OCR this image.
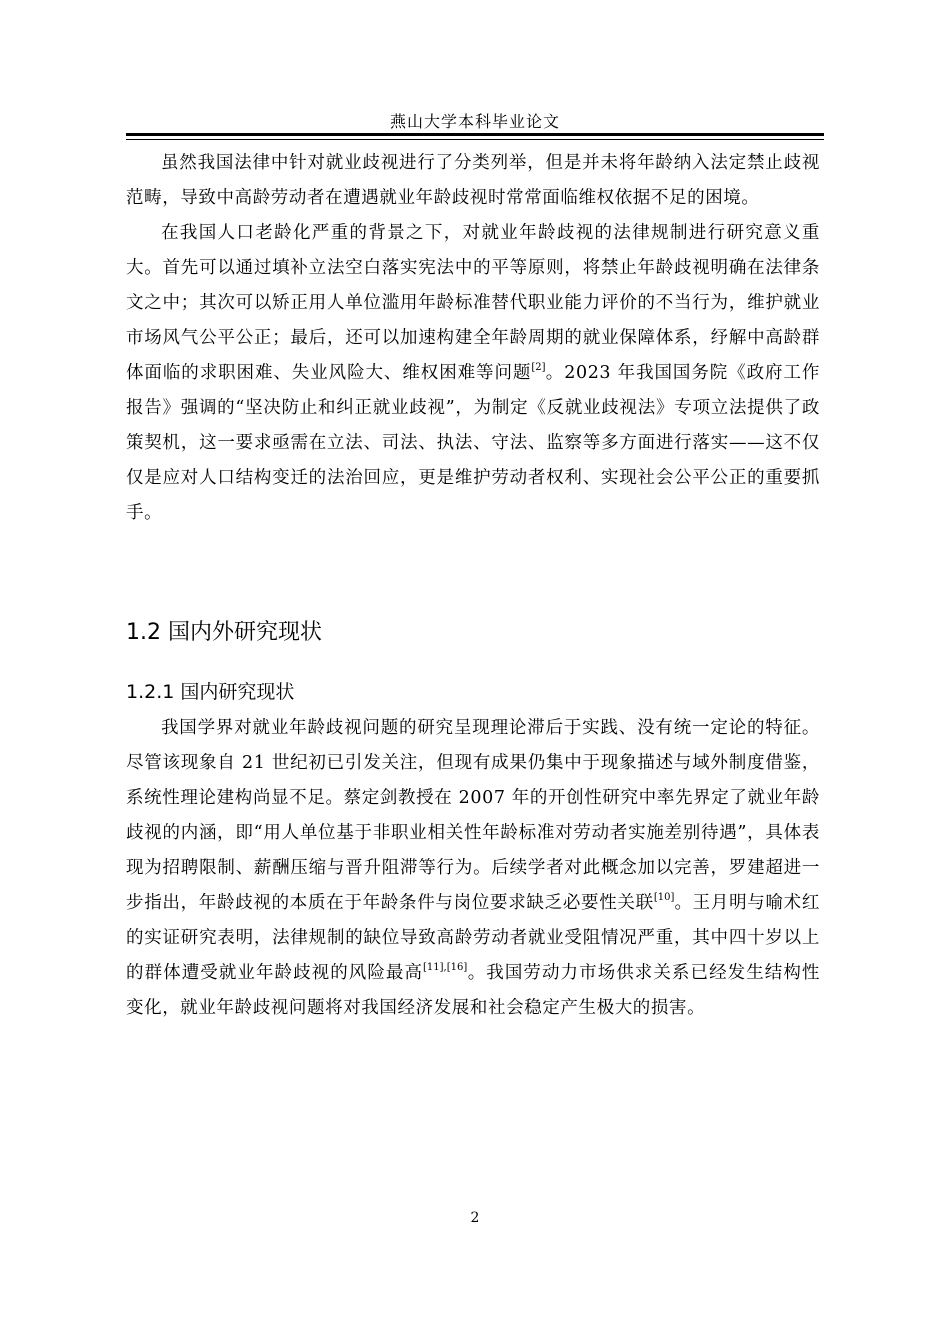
燕山大学本科毕业论文

虽然我国法律中针对就业歧视进行了分类列举，但是并未将年龄纳入法定禁止歧视范畴，导致中高龄劳动者在遭遇就业年龄歧视时常常面临维权依据不足的困境。

在我国人口老龄化严重的背景之下，对就业年龄歧视的法律规制进行研究意义重大。首先可以通过填补立法空白落实宪法中的平等原则，将禁止年龄歧视明确在法律条文之中；其次可以矫正用人单位滥用年龄标准替代职业能力评价的不当行为，维护就业市场风气公平公正；最后，还可以加速构建全年龄周期的就业保障体系，纾解中高龄群体面临的求职困难、失业风险大、维权困难等问题[2]。2023 年我国国务院《政府工作报告》强调的“坚决防止和纠正就业歧视”，为制定《反就业歧视法》专项立法提供了政策契机，这一要求亟需在立法、司法、执法、守法、监察等多方面进行落实——这不仅仅是应对人口结构变迁的法治回应，更是维护劳动者权利、实现社会公平公正的重要抓手。

1.2 国内外研究现状
1.2.1 国内研究现状

我国学界对就业年龄歧视问题的研究呈现理论滞后于实践、没有统一定论的特征。尽管该现象自 21 世纪初已引发关注，但现有成果仍集中于现象描述与域外制度借鉴，系统性理论建构尚显不足。蔡定剑教授在 2007 年的开创性研究中率先界定了就业年龄歧视的内涵，即“用人单位基于非职业相关性年龄标准对劳动者实施差别待遇”，具体表现为招聘限制、薪酬压缩与晋升阻滞等行为。后续学者对此概念加以完善，罗建超进一步指出，年龄歧视的本质在于年龄条件与岗位要求缺乏必要性关联[10]。王月明与喻术红的实证研究表明，法律规制的缺位导致高龄劳动者就业受阻情况严重，其中四十岁以上的群体遭受就业年龄歧视的风险最高[11],[16]。我国劳动力市场供求关系已经发生结构性变化，就业年龄歧视问题将对我国经济发展和社会稳定产生极大的损害。

2
